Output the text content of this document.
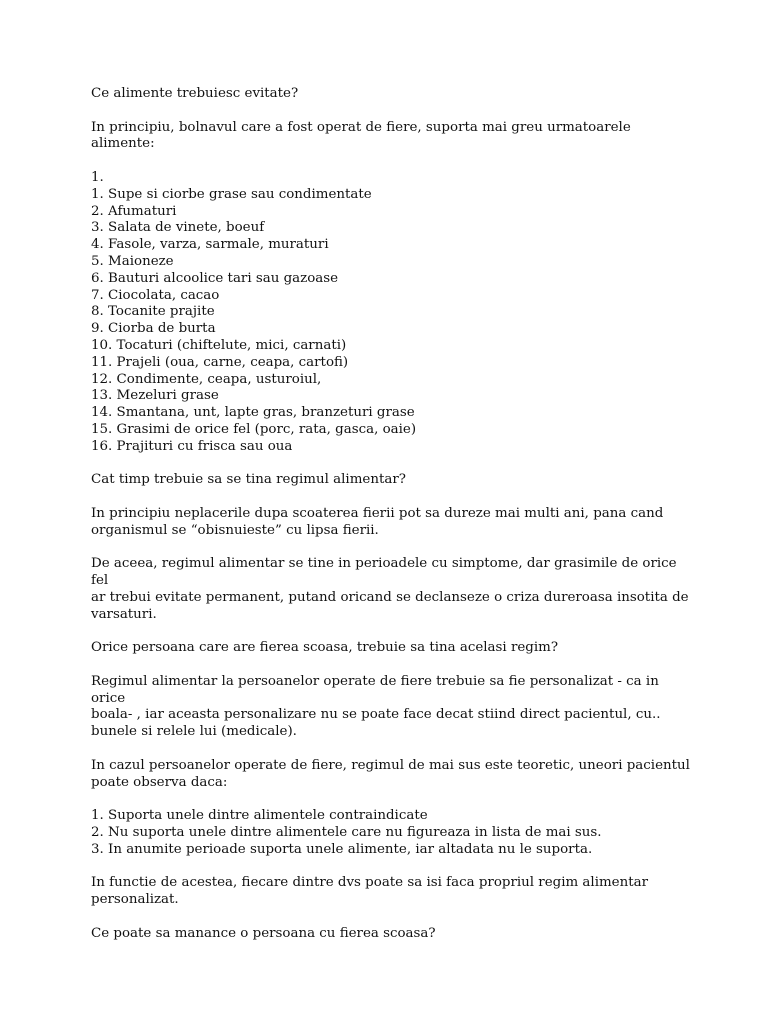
Ce alimente trebuiesc evitate?

In principiu, bolnavul care a fost operat de fiere, suporta mai greu urmatoarele

alimente:

1.

1. Supe si ciorbe grase sau condimentate

2. Afumaturi

3. Salata de vinete, boeuf

4. Fasole, varza, sarmale, muraturi

5. Maioneze

6. Bauturi alcoolice tari sau gazoase

7. Ciocolata, cacao

8. Tocanite prajite

9. Ciorba de burta

10. Tocaturi (chiftelute, mici, carnati)

11. Prajeli (oua, carne, ceapa, cartofi)

12. Condimente, ceapa, usturoiul,

13. Mezeluri grase

14. Smantana, unt, lapte gras, branzeturi grase

15. Grasimi de orice fel (porc, rata, gasca, oaie)

16. Prajituri cu frisca sau oua

Cat timp trebuie sa se tina regimul alimentar?

In principiu neplacerile dupa scoaterea fierii pot sa dureze mai multi ani, pana cand

organismul se “obisnuieste” cu lipsa fierii.

De aceea, regimul alimentar se tine in perioadele cu simptome, dar grasimile de orice fel

ar trebui evitate permanent, putand oricand se declanseze o criza dureroasa insotita de

varsaturi.

Orice persoana care are fierea scoasa, trebuie sa tina acelasi regim?

Regimul alimentar la persoanelor operate de fiere trebuie sa fie personalizat - ca in orice

boala- , iar aceasta personalizare nu se poate face decat stiind direct pacientul, cu..

bunele si relele lui (medicale).

In cazul persoanelor operate de fiere, regimul de mai sus este teoretic, uneori pacientul

poate observa daca:

1. Suporta unele dintre alimentele contraindicate

2. Nu suporta unele dintre alimentele care nu figureaza in lista de mai sus.

3. In anumite perioade suporta unele alimente, iar altadata nu le suporta.

In functie de acestea, fiecare dintre dvs poate sa isi faca propriul regim alimentar

personalizat.

Ce poate sa manance o persoana cu fierea scoasa?
